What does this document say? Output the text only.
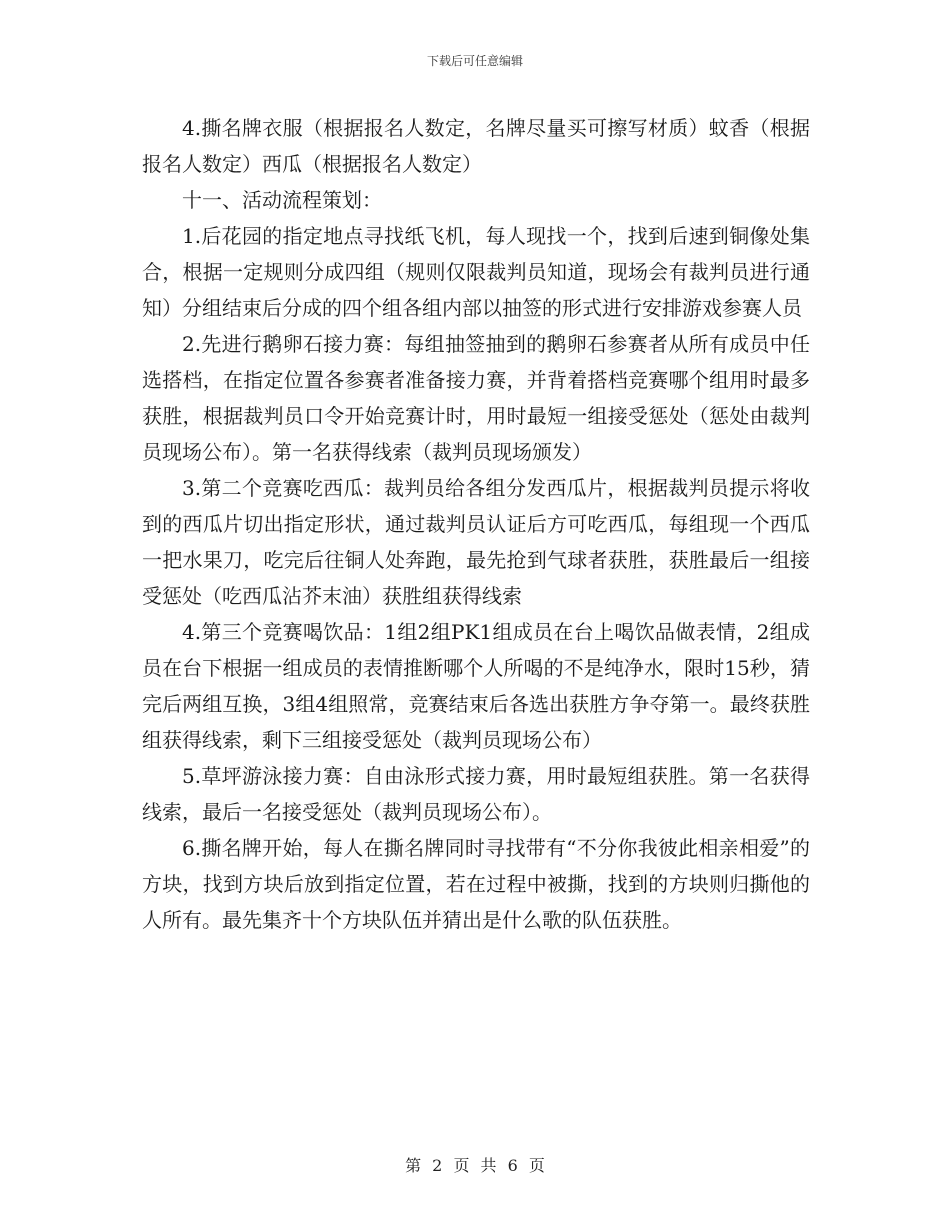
下载后可任意编辑

4.撕名牌衣服（根据报名人数定，名牌尽量买可擦写材质）蚊香（根据报名人数定）西瓜（根据报名人数定）

十一、活动流程策划：

1.后花园的指定地点寻找纸飞机，每人现找一个，找到后速到铜像处集合，根据一定规则分成四组（规则仅限裁判员知道，现场会有裁判员进行通知）分组结束后分成的四个组各组内部以抽签的形式进行安排游戏参赛人员

2.先进行鹅卵石接力赛：每组抽签抽到的鹅卵石参赛者从所有成员中任选搭档，在指定位置各参赛者准备接力赛，并背着搭档竞赛哪个组用时最多获胜，根据裁判员口令开始竞赛计时，用时最短一组接受惩处（惩处由裁判员现场公布）。第一名获得线索（裁判员现场颁发）

3.第二个竞赛吃西瓜：裁判员给各组分发西瓜片，根据裁判员提示将收到的西瓜片切出指定形状，通过裁判员认证后方可吃西瓜，每组现一个西瓜一把水果刀，吃完后往铜人处奔跑，最先抢到气球者获胜，获胜最后一组接受惩处（吃西瓜沾芥末油）获胜组获得线索

4.第三个竞赛喝饮品：1组2组PK1组成员在台上喝饮品做表情，2组成员在台下根据一组成员的表情推断哪个人所喝的不是纯净水，限时15秒，猜完后两组互换，3组4组照常，竞赛结束后各选出获胜方争夺第一。最终获胜组获得线索，剩下三组接受惩处（裁判员现场公布）

5.草坪游泳接力赛：自由泳形式接力赛，用时最短组获胜。第一名获得线索，最后一名接受惩处（裁判员现场公布）。

6.撕名牌开始，每人在撕名牌同时寻找带有“不分你我彼此相亲相爱”的方块，找到方块后放到指定位置，若在过程中被撕，找到的方块则归撕他的人所有。最先集齐十个方块队伍并猜出是什么歌的队伍获胜。

第 2 页 共 6 页
